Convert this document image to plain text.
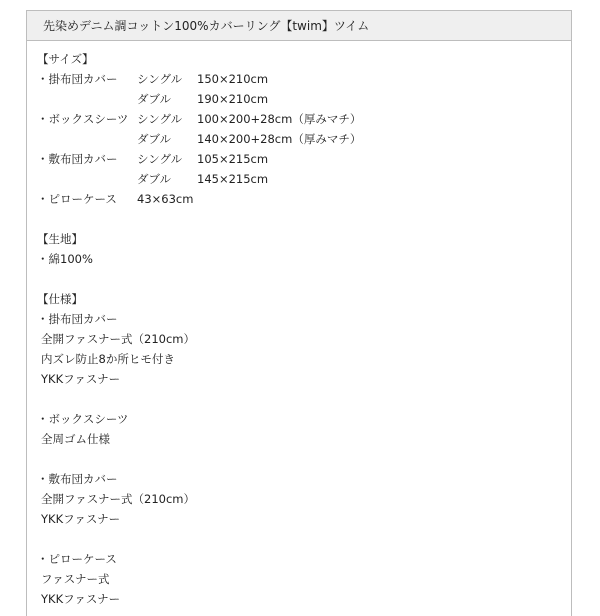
先染めデニム調コットン100%カバーリング【twim】ツイム
【サイズ】
・掛布団カバー シングル 150×210cm
ダブル 190×210cm
・ボックスシーツ シングル 100×200+28cm（厚みマチ）
ダブル 140×200+28cm（厚みマチ）
・敷布団カバー シングル 105×215cm
ダブル 145×215cm
・ピローケース 43×63cm
【生地】
・綿100%
【仕様】
・掛布団カバー
全開ファスナー式（210cm）
内ズレ防止8か所ヒモ付き
YKKファスナー
・ボックスシーツ
全周ゴム仕様
・敷布団カバー
全開ファスナー式（210cm）
YKKファスナー
・ピローケース
ファスナー式
YKKファスナー
